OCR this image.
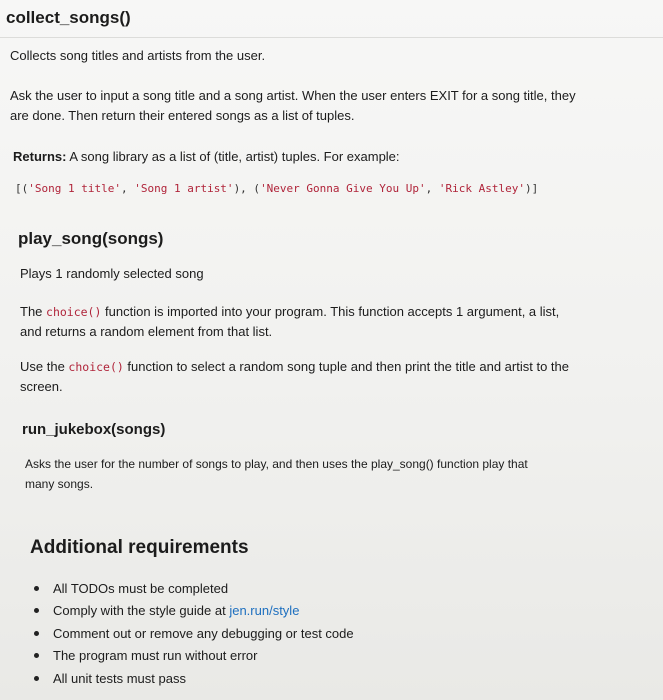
collect_songs()
Collects song titles and artists from the user.
Ask the user to input a song title and a song artist. When the user enters EXIT for a song title, they
are done. Then return their entered songs as a list of tuples.
Returns: A song library as a list of (title, artist) tuples. For example:
[('Song 1 title', 'Song 1 artist'), ('Never Gonna Give You Up', 'Rick Astley')]
play_song(songs)
Plays 1 randomly selected song
The choice() function is imported into your program. This function accepts 1 argument, a list,
and returns a random element from that list.
Use the choice() function to select a random song tuple and then print the title and artist to the
screen.
run_jukebox(songs)
Asks the user for the number of songs to play, and then uses the play_song() function play that
many songs.
Additional requirements
All TODOs must be completed
Comply with the style guide at
jen.run/style
Comment out or remove any debugging or test code
The program must run without error
All unit tests must pass
